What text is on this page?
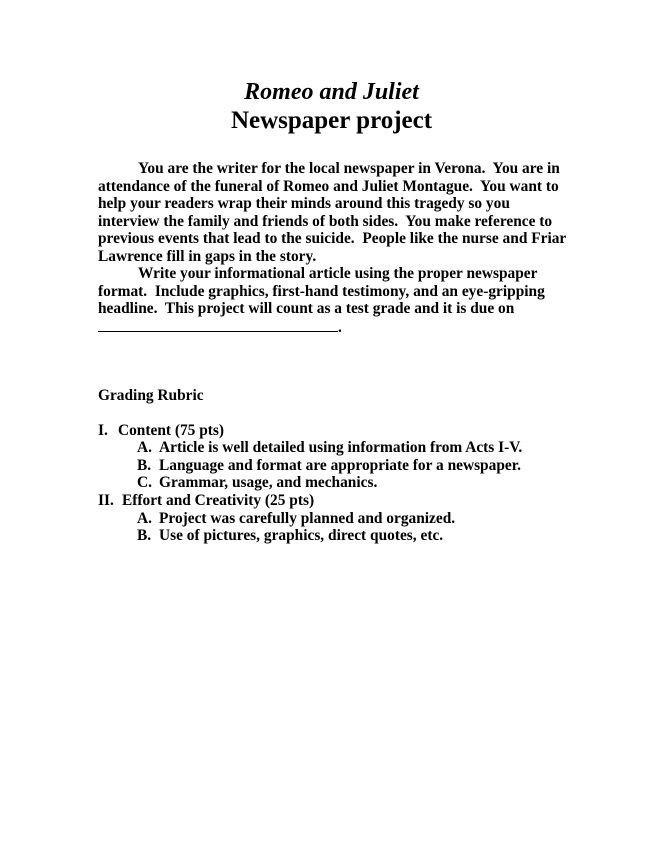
Romeo and Juliet
Newspaper project
You are the writer for the local newspaper in Verona.  You are in
attendance of the funeral of Romeo and Juliet Montague.  You want to
help your readers wrap their minds around this tragedy so you
interview the family and friends of both sides.  You make reference to
previous events that lead to the suicide.  People like the nurse and Friar
Lawrence fill in gaps in the story.
Write your informational article using the proper newspaper
format.  Include graphics, first-hand testimony, and an eye-gripping
headline.  This project will count as a test grade and it is due on
.
Grading Rubric
I. Content (75 pts)
A. Article is well detailed using information from Acts I-V.
B. Language and format are appropriate for a newspaper.
C. Grammar, usage, and mechanics.
II. Effort and Creativity (25 pts)
A. Project was carefully planned and organized.
B. Use of pictures, graphics, direct quotes, etc.
